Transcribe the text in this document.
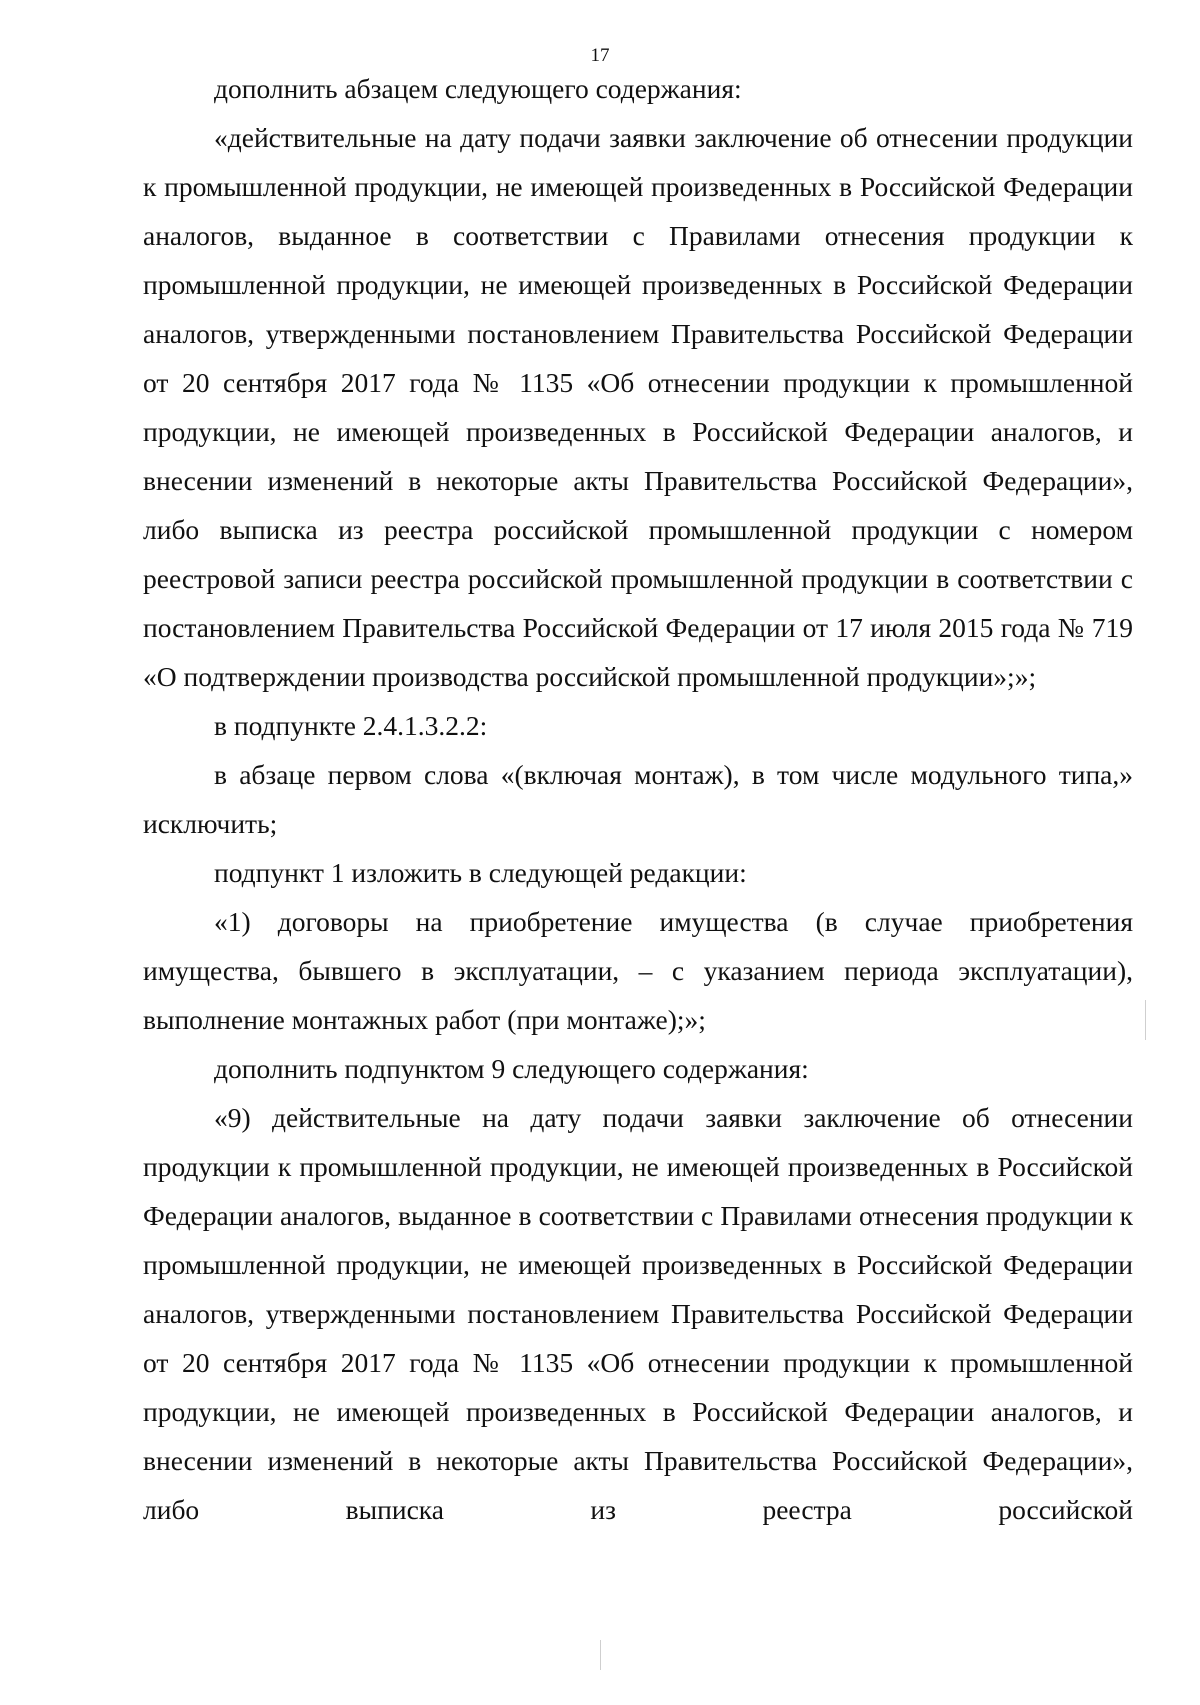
17

дополнить абзацем следующего содержания:

«действительные на дату подачи заявки заключение об отнесении продукции к промышленной продукции, не имеющей произведенных в Российской Федерации аналогов, выданное в соответствии с Правилами отнесения продукции к промышленной продукции, не имеющей произведенных в Российской Федерации аналогов, утвержденными постановлением Правительства Российской Федерации от 20 сентября 2017 года № 1135 «Об отнесении продукции к промышленной продукции, не имеющей произведенных в Российской Федерации аналогов, и внесении изменений в некоторые акты Правительства Российской Федерации», либо выписка из реестра российской промышленной продукции с номером реестровой записи реестра российской промышленной продукции в соответствии с постановлением Правительства Российской Федерации от 17 июля 2015 года № 719 «О подтверждении производства российской промышленной продукции»;»;

в подпункте 2.4.1.3.2.2:

в абзаце первом слова «(включая монтаж), в том числе модульного типа,» исключить;

подпункт 1 изложить в следующей редакции:

«1) договоры на приобретение имущества (в случае приобретения имущества, бывшего в эксплуатации, – с указанием периода эксплуатации), выполнение монтажных работ (при монтаже);»;

дополнить подпунктом 9 следующего содержания:

«9) действительные на дату подачи заявки заключение об отнесении продукции к промышленной продукции, не имеющей произведенных в Российской Федерации аналогов, выданное в соответствии с Правилами отнесения продукции к промышленной продукции, не имеющей произведенных в Российской Федерации аналогов, утвержденными постановлением Правительства Российской Федерации от 20 сентября 2017 года № 1135 «Об отнесении продукции к промышленной продукции, не имеющей произведенных в Российской Федерации аналогов, и внесении изменений в некоторые акты Правительства Российской Федерации», либо выписка из реестра российской
